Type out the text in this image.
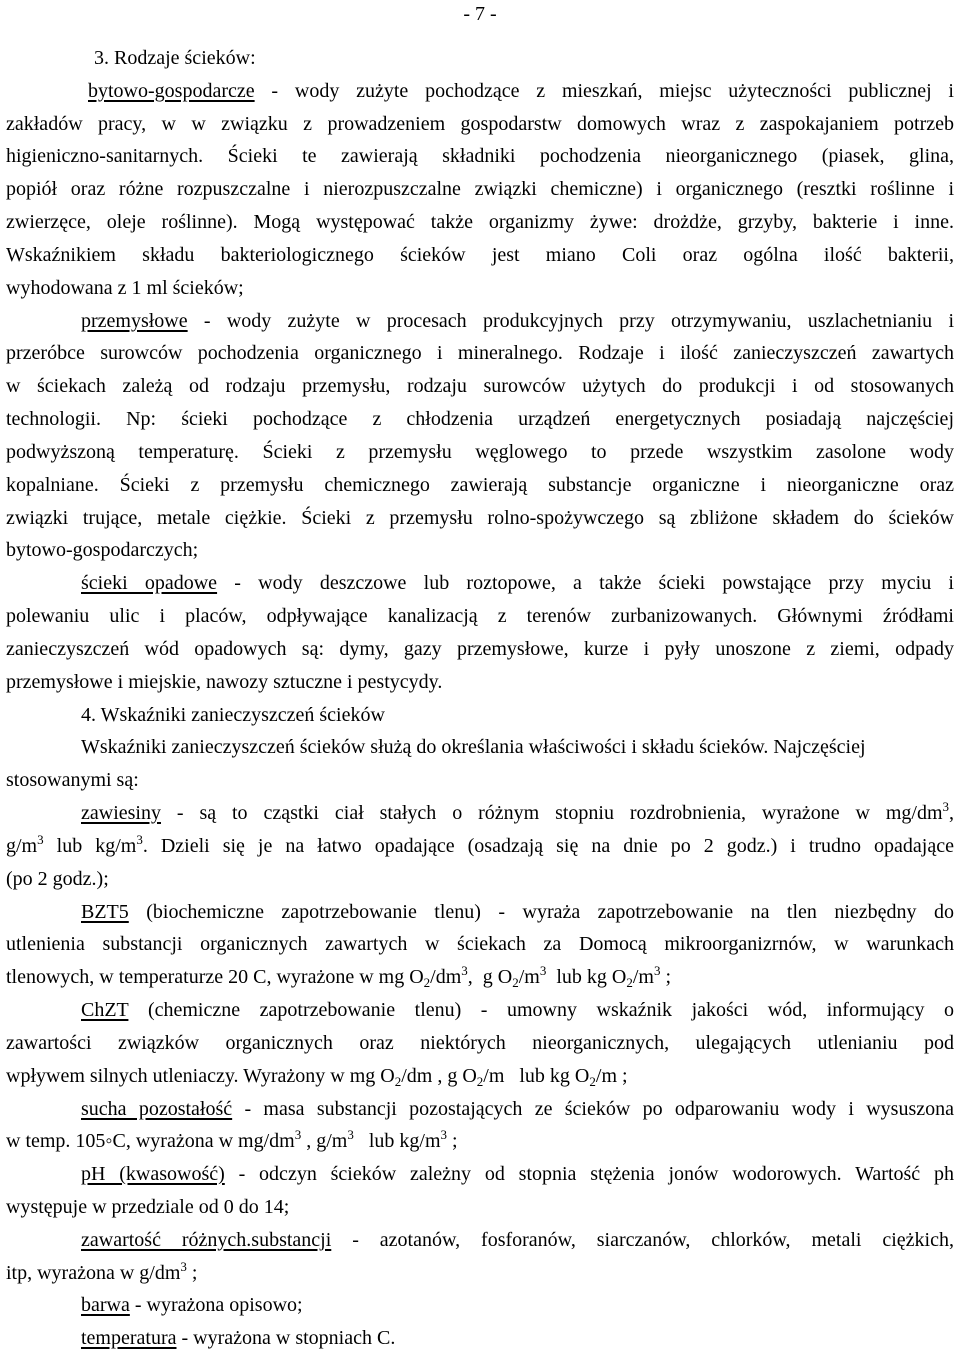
- 7 -
3. Rodzaje ścieków:
bytowo-gospodarcze - wody zużyte pochodzące z mieszkań, miejsc użyteczności publicznej i
zakładów pracy, w w związku z prowadzeniem gospodarstw domowych wraz z zaspokajaniem potrzeb
higieniczno-sanitarnych. Ścieki te zawierają składniki pochodzenia nieorganicznego (piasek, glina,
popiół oraz różne rozpuszczalne i nierozpuszczalne związki chemiczne) i organicznego (resztki roślinne i
zwierzęce, oleje roślinne). Mogą występować także organizmy żywe: drożdże, grzyby, bakterie i inne.
Wskaźnikiem składu bakteriologicznego ścieków jest miano Coli oraz ogólna ilość bakterii,
wyhodowana z 1 ml ścieków;
przemysłowe - wody zużyte w procesach produkcyjnych przy otrzymywaniu, uszlachetnianiu i
przeróbce surowców pochodzenia organicznego i mineralnego. Rodzaje i ilość zanieczyszczeń zawartych
w ściekach zależą od rodzaju przemysłu, rodzaju surowców użytych do produkcji i od stosowanych
technologii. Np: ścieki pochodzące z chłodzenia urządzeń energetycznych posiadają najczęściej
podwyższoną temperaturę. Ścieki z przemysłu węglowego to przede wszystkim zasolone wody
kopalniane. Ścieki z przemysłu chemicznego zawierają substancje organiczne i nieorganiczne oraz
związki trujące, metale ciężkie. Ścieki z przemysłu rolno-spożywczego są zbliżone składem do ścieków
bytowo-gospodarczych;
ścieki opadowe - wody deszczowe lub roztopowe, a także ścieki powstające przy myciu i
polewaniu ulic i placów, odpływające kanalizacją z terenów zurbanizowanych. Głównymi źródłami
zanieczyszczeń wód opadowych są: dymy, gazy przemysłowe, kurze i pyły unoszone z ziemi, odpady
przemysłowe i miejskie, nawozy sztuczne i pestycydy.
4. Wskaźniki zanieczyszczeń ścieków
Wskaźniki zanieczyszczeń ścieków służą do określania właściwości i składu ścieków. Najczęściej
stosowanymi są:
zawiesiny - są to cząstki ciał stałych o różnym stopniu rozdrobnienia, wyrażone w $mg/dm^3$,
$g/m^3$ lub $kg/m^3$. Dzieli się je na łatwo opadające (osadzają się na dnie po 2 godz.) i trudno opadające
(po 2 godz.);
BZT5 (biochemiczne zapotrzebowanie tlenu) - wyraża zapotrzebowanie na tlen niezbędny do
utlenienia substancji organicznych zawartych w ściekach za Domocą mikroorganizrnów, w warunkach
tlenowych, w temperaturze 20 C, wyrażone w mg $O_2/dm^3$,  g $O_2/m^3$  lub kg $O_2/m^3$ ;
ChZT (chemiczne zapotrzebowanie tlenu) - umowny wskaźnik jakości wód, informujący o
zawartości związków organicznych oraz niektórych nieorganicznych, ulegających utlenianiu pod
wpływem silnych utleniaczy. Wyrażony w mg $O_2/dm$ , g $O_2/m$   lub kg $O_2/m$ ;
sucha pozostałość - masa substancji pozostających ze ścieków po odparowaniu wody i wysuszona
w temp. 105◦C, wyrażona w $mg/dm^3$ , $g/m^3$   lub $kg/m^3$ ;
pH (kwasowość) - odczyn ścieków zależny od stopnia stężenia jonów wodorowych. Wartość ph
występuje w przedziale od 0 do 14;
zawartość różnych.substancji - azotanów, fosforanów, siarczanów, chlorków, metali ciężkich,
itp, wyrażona w $g/dm^3$ ;
barwa - wyrażona opisowo;
temperatura - wyrażona w stopniach C.
